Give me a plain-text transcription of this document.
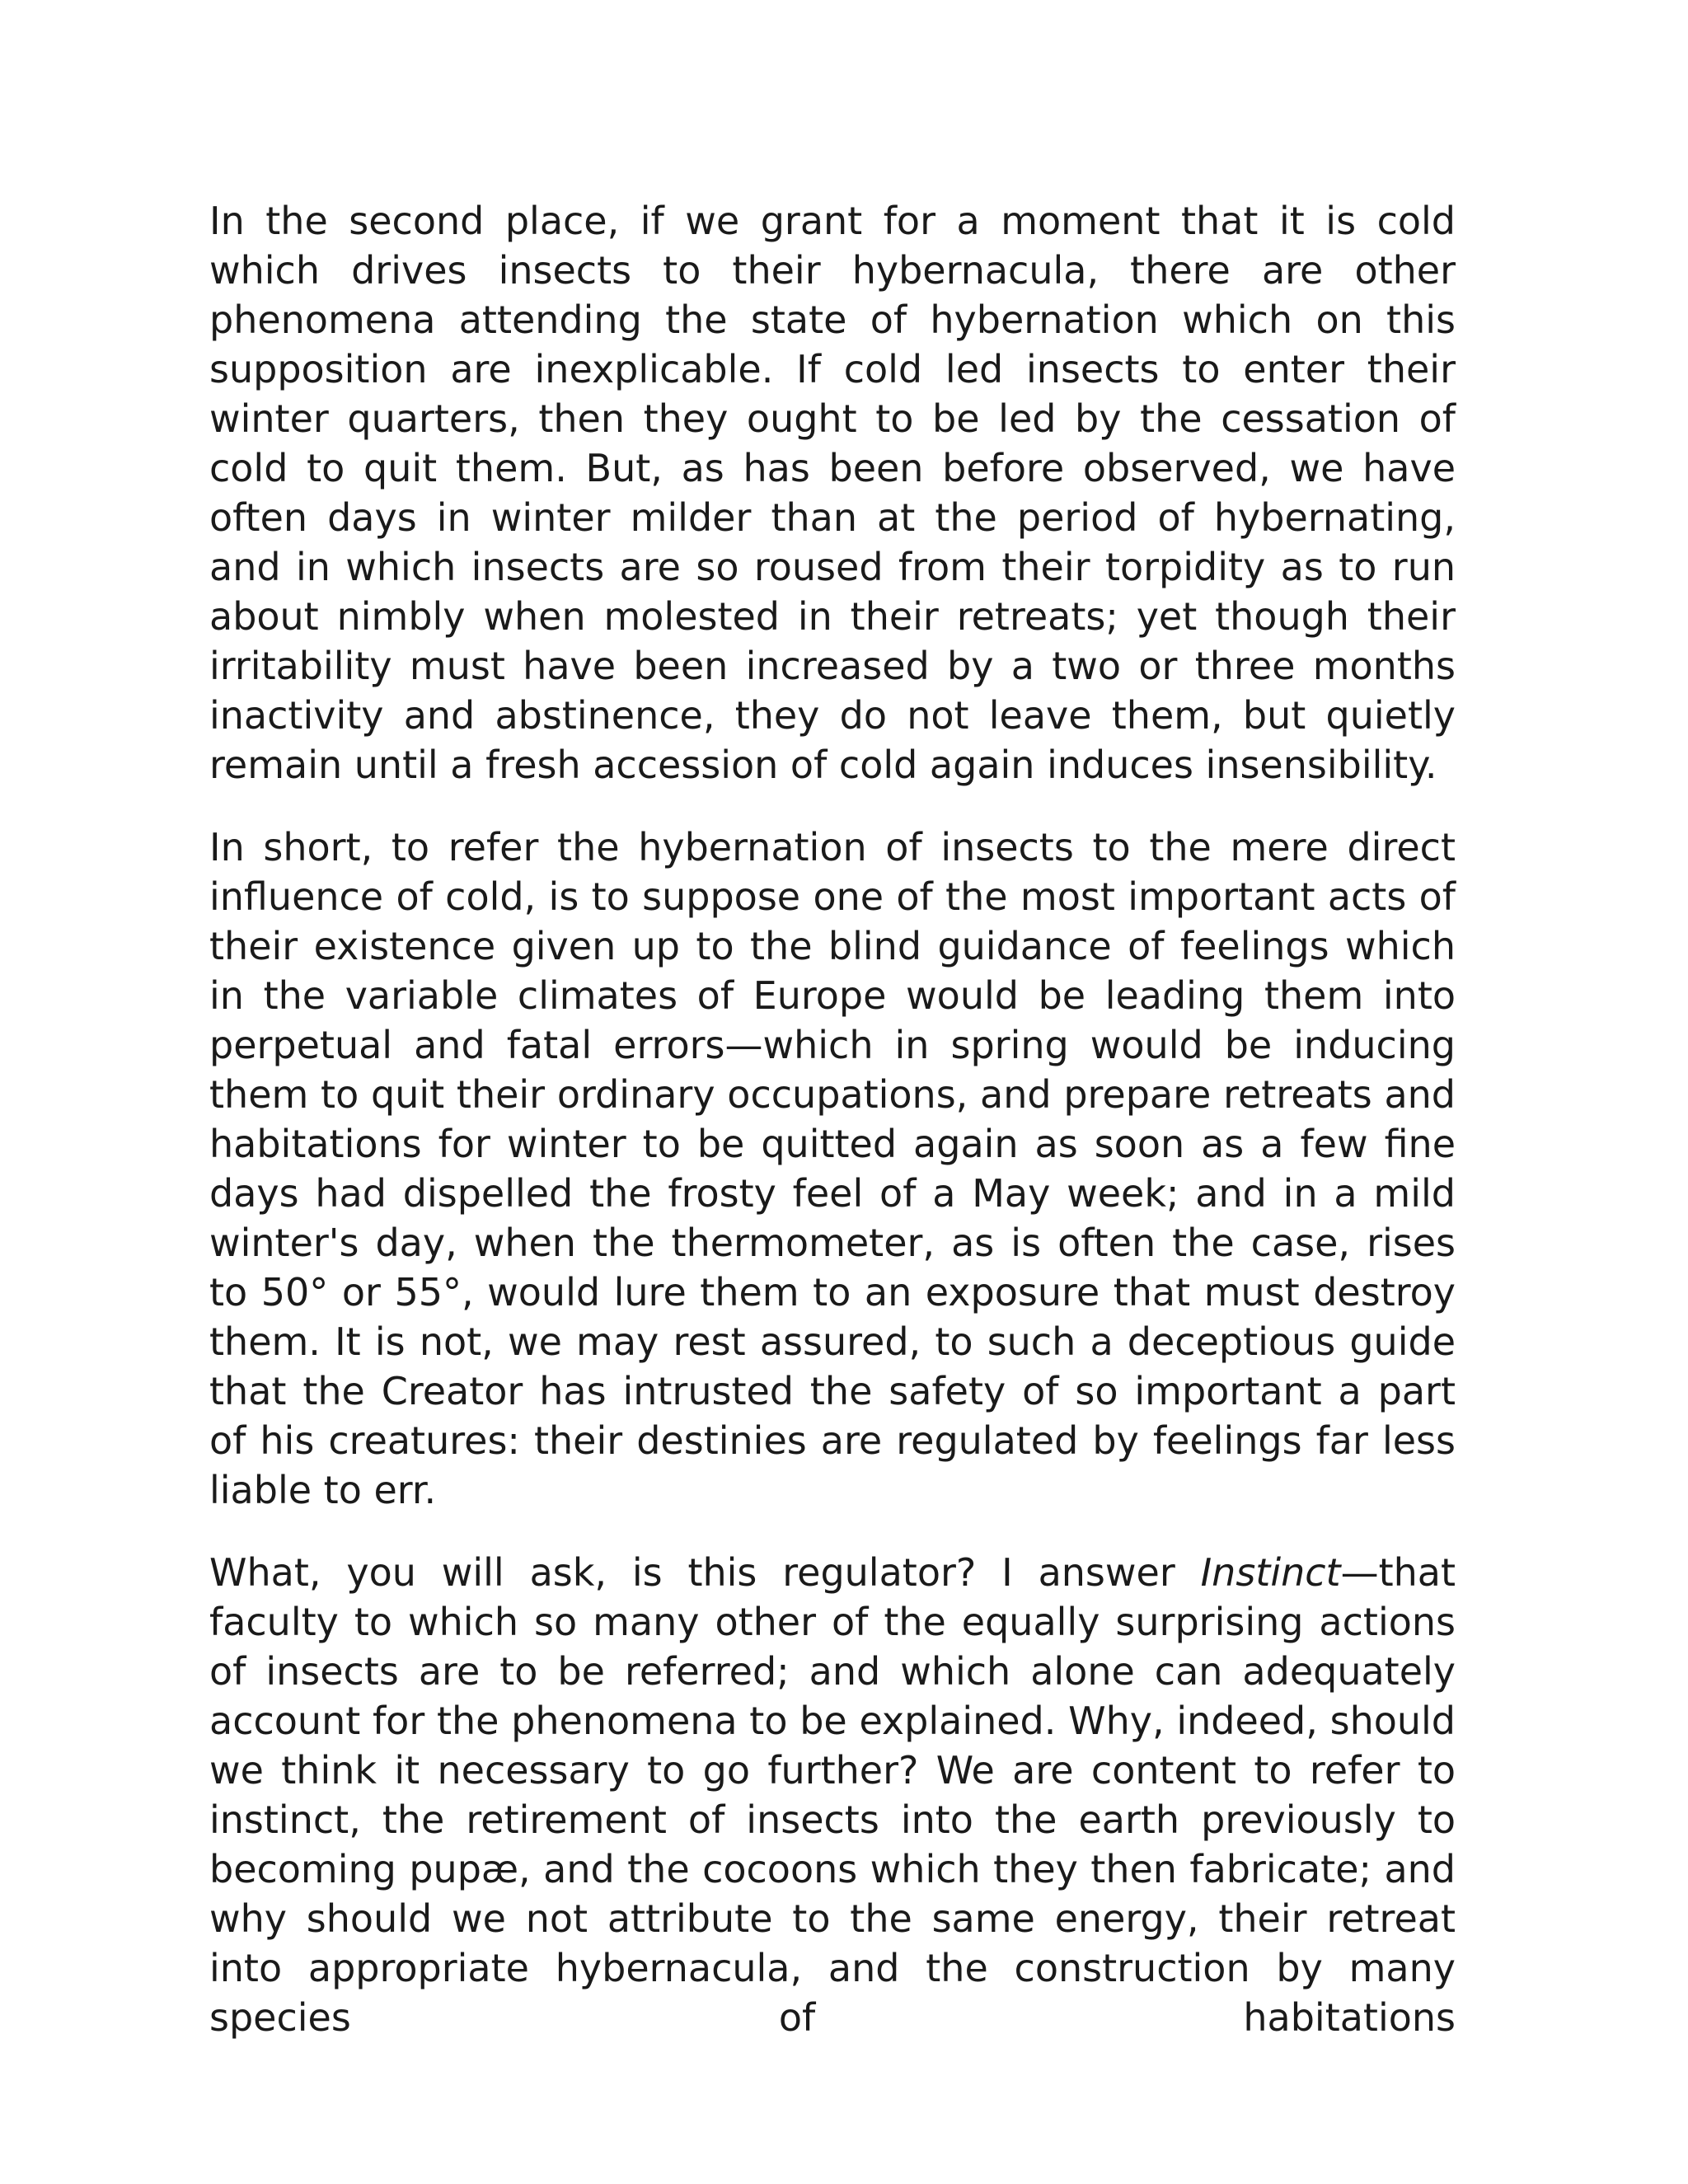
In the second place, if we grant for a moment that it is cold which drives insects to their hybernacula, there are other phenomena attending the state of hybernation which on this supposition are inexplicable. If cold led insects to enter their winter quarters, then they ought to be led by the cessation of cold to quit them. But, as has been before observed, we have often days in winter milder than at the period of hybernating, and in which insects are so roused from their torpidity as to run about nimbly when molested in their retreats; yet though their irritability must have been increased by a two or three months inactivity and abstinence, they do not leave them, but quietly remain until a fresh accession of cold again induces insensibility.

In short, to refer the hybernation of insects to the mere direct influence of cold, is to suppose one of the most important acts of their existence given up to the blind guidance of feelings which in the variable climates of Europe would be leading them into perpetual and fatal errors—which in spring would be inducing them to quit their ordinary occupations, and prepare retreats and habitations for winter to be quitted again as soon as a few fine days had dispelled the frosty feel of a May week; and in a mild winter's day, when the thermometer, as is often the case, rises to 50° or 55°, would lure them to an exposure that must destroy them. It is not, we may rest assured, to such a deceptious guide that the Creator has intrusted the safety of so important a part of his creatures: their destinies are regulated by feelings far less liable to err.

What, you will ask, is this regulator? I answer Instinct—that faculty to which so many other of the equally surprising actions of insects are to be referred; and which alone can adequately account for the phenomena to be explained. Why, indeed, should we think it necessary to go further? We are content to refer to instinct, the retirement of insects into the earth previously to becoming pupæ, and the cocoons which they then fabricate; and why should we not attribute to the same energy, their retreat into appropriate hybernacula, and the construction by many species of habitations
